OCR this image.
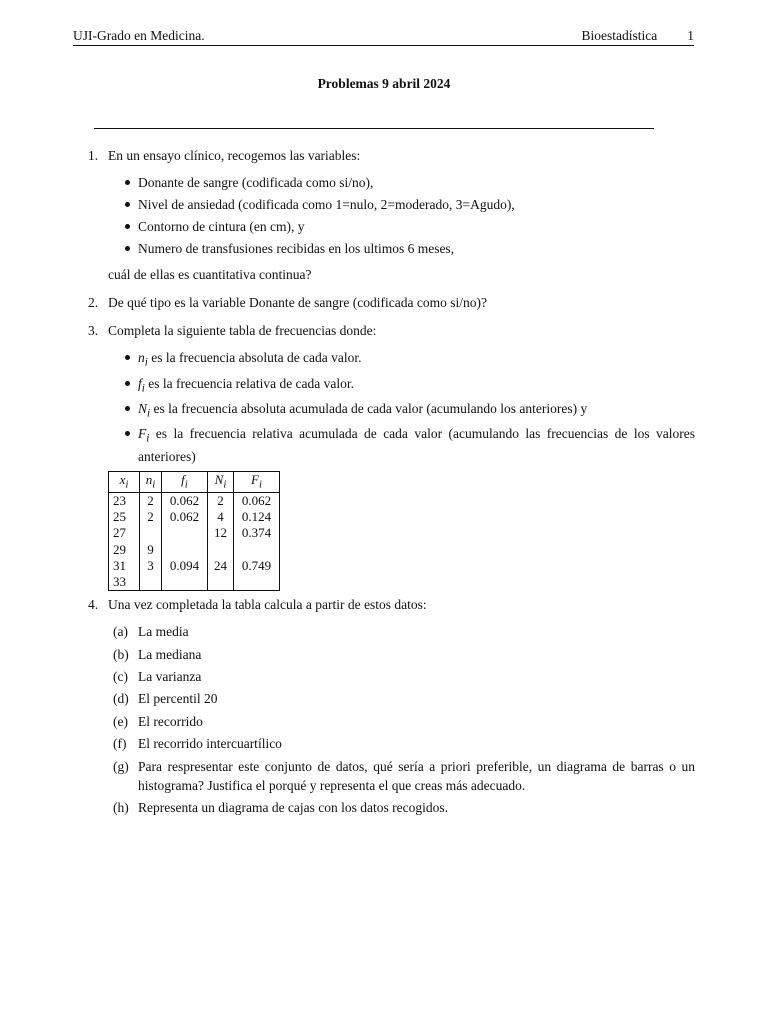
UJI-Grado en Medicina.	Bioestadística 1
Problemas 9 abril 2024
1. En un ensayo clínico, recogemos las variables:

Donante de sangre (codificada como si/no),
Nivel de ansiedad (codificada como 1=nulo, 2=moderado, 3=Agudo),
Contorno de cintura (en cm), y
Numero de transfusiones recibidas en los ultimos 6 meses,

cuál de ellas es cuantitativa continua?

2. De qué tipo es la variable Donante de sangre (codificada como si/no)?

3. Completa la siguiente tabla de frecuencias donde:

$n_i$ es la frecuencia absoluta de cada valor.
$f_i$ es la frecuencia relativa de cada valor.
$N_i$ es la frecuencia absoluta acumulada de cada valor (acumulando los anteriores) y
$F_i$ es la frecuencia relativa acumulada de cada valor (acumulando las frecuencias de los valores anteriores)
$x_i$	$n_i$	$f_i$	$N_i$	$F_i$
23	2	0.062	2	0.062
25	2	0.062	4	0.124
27			12	0.374
29	9			
31	3	0.094	24	0.749
33				
4. Una vez completada la tabla calcula a partir de estos datos:

(a) La media
(b) La mediana
(c) La varianza
(d) El percentil 20
(e) El recorrido
(f) El recorrido intercuartílico
(g) Para respresentar este conjunto de datos, qué sería a priori preferible, un diagrama de barras o un histograma? Justifica el porqué y representa el que creas más adecuado.
(h) Representa un diagrama de cajas con los datos recogidos.
